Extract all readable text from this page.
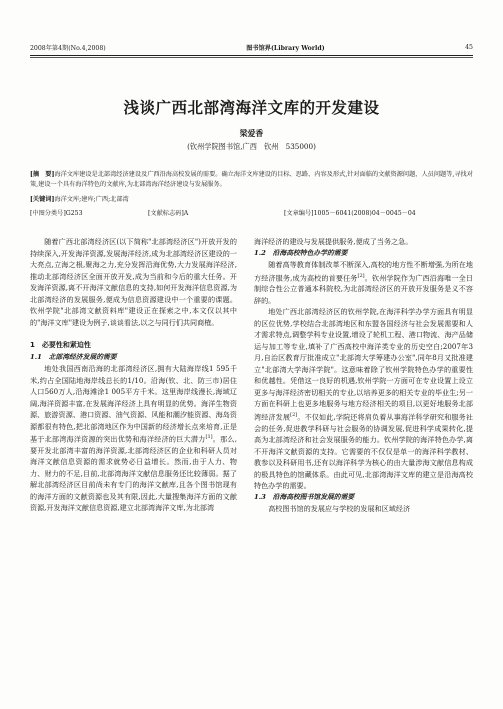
2008年第4期(No.4,2008)	图书馆界(Library World)	45
浅谈广西北部湾海洋文库的开发建设
梁爱香
(钦州学院图书馆,广西　钦州　535000)
[摘　要]海洋文库建设是北部湾经济建设及广西沿海高校发展的需要。确立海洋文库建设的目标、思路、内容及形式,针对面临的文献资源问题、人员问题等,寻找对策,建设一个具有海洋特色的文献库,为北部湾海洋经济建设与发展服务。
[关键词]海洋文库;建库;广西;北部湾
[中图分类号]G253	[文献标志码]A	[文章编号]1005－6041(2008)04－0045－04

随着广西北部湾经济区(以下简称"北部湾经济区")开放开发的持续深入,开发海洋资源,发展海洋经济,成为北部湾经济区建设的一大亮点,立海之根,聚海之力,充分发挥沿海优势,大力发展海洋经济,推动北部湾经济区全面开放开发,成为当前和今后的重大任务。开发海洋资源,离不开海洋文献信息的支持,如何开发海洋信息资源,为北部湾经济的发展服务,便成为信息资源建设中一个重要的课题。钦州学院"北部湾文献资料库"建设正在探索之中,本文仅以其中的"海洋文库"建设为例子,谈谈看法,以之与同行们共同商榷。

1　必要性和紧迫性
1.1　北部湾经济发展的需要

地处我国西南沿海的北部湾经济区,拥有大陆海岸线1 595千米,约占全国陆地海岸线总长的1/10。沿海(钦、北、防三市)居住人口560万人,沿海滩涂1 005平方千米。这里海岸线漫长,海域辽阔,海洋资源丰富,在发展海洋经济上具有明显的优势。海洋生物资源、旅游资源、港口资源、油气资源、风能和潮汐能资源、海岛资源都很有特色,把北部湾地区作为中国新的经济增长点来培育,正是基于北部湾海洋资源的突出优势和海洋经济的巨大潜力[1]。那么,要开发北部湾丰富的海洋资源,北部湾经济区的企业和科研人员对海洋文献信息资源的需求就势必日益增长。然而,由于人力、物力、财力的不足,目前,北部湾海洋文献信息服务还比较薄弱。据了解北部湾经济区目前尚未有专门的海洋文献库,且各个图书馆现有的海洋方面的文献资源也及其有限,因此,大量搜集海洋方面的文献资源,开发海洋文献信息资源,建立北部湾海洋文库,为北部湾

海洋经济的建设与发展提供服务,便成了当务之急。

1.2　沿海高校特色办学的需要

随着高等教育体制改革不断深入,高校的地方性不断增强,为所在地方经济服务,成为高校的首要任务[2]。钦州学院作为广西沿海唯一全日制综合性公立普通本科院校,为北部湾经济区的开放开发服务是义不容辞的。

地处广西北部湾经济区的钦州学院,在海洋科学办学方面具有明显的区位优势,学校结合北部湾地区和东盟各国经济与社会发展需要和人才需求特点,调整学科专业设置,增设了轮机工程、港口物流、海产品储运与加工等专业,填补了广西高校中海洋类专业的历史空白;2007年3月,自治区教育厅批准成立"北部湾大学筹建办公室",同年8月又批准建立"北部湾大学海洋学院"。这意味着除了钦州学院特色办学的重要性和优越性。凭借这一良好的机遇,钦州学院一方面可在专业设置上设立更多与海洋经济密切相关的专业,以培养更多的相关专业的毕业生;另一方面在科研上也更多地服务与地方经济相关的项目,以更好地服务北部湾经济发展[2]。不仅如此,学院还将肩负着从事海洋科学研究和服务社会的任务,促进教学科研与社会服务的协调发展,促进科学成果转化,提高为北部湾经济和社会发展服务的能力。钦州学院的海洋特色办学,离不开海洋文献资源的支持。它需要的不仅仅是单一的海洋科学教材、教参以及科研用书,还有以海洋科学为核心的由大量涉海文献信息构成的极具特色的馆藏体系。由此可见,北部湾海洋文库的建立是沿海高校特色办学的需要。

1.3　沿海高校图书馆发展的需要

高校图书馆的发展应与学校的发展和区域经济
